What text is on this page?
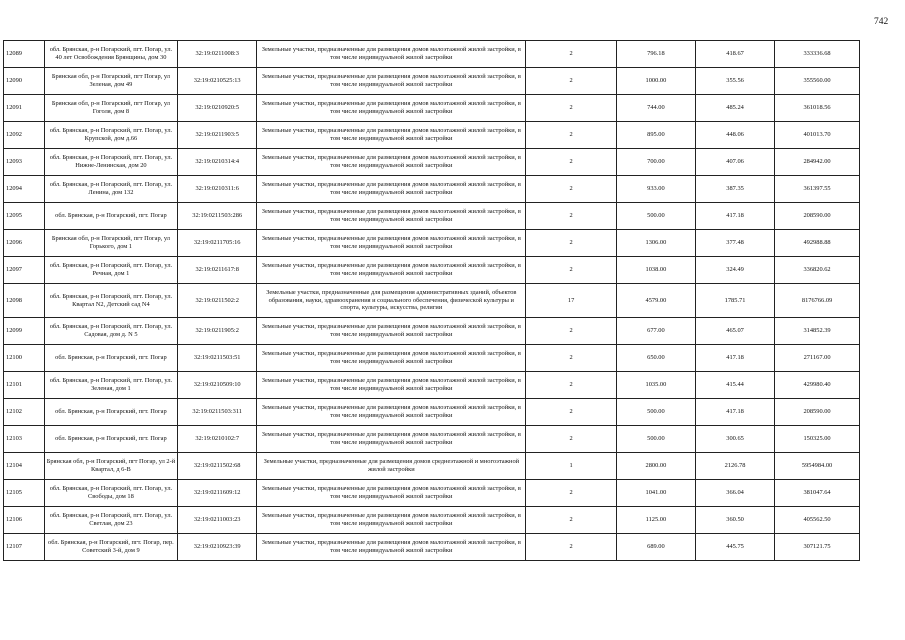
742
12089	обл. Брянская, р-н Погарский, пгт. Погар, ул. 40 лет Освобождения Брянщины, дом 30	32:19:0211008:3	Земельные участки, предназначенные для размещения домов малоэтажной жилой застройки, в том числе индивидуальной жилой застройки	2	796.18	418.67	333336.68
12090	Брянская обл, р-н Погарский, пгт Погар, ул Зеленая, дом 49	32:19:0210525:13	Земельные участки, предназначенные для размещения домов малоэтажной жилой застройки, в том числе индивидуальной жилой застройки	2	1000.00	355.56	355560.00
12091	Брянская обл, р-н Погарский, пгт Погар, ул Гоголя, дом 8	32:19:0210920:5	Земельные участки, предназначенные для размещения домов малоэтажной жилой застройки, в том числе индивидуальной жилой застройки	2	744.00	485.24	361018.56
12092	обл. Брянская, р-н Погарский, пгт. Погар, ул. Крупской, дом д.66	32:19:0211903:5	Земельные участки, предназначенные для размещения домов малоэтажной жилой застройки, в том числе индивидуальной жилой застройки	2	895.00	448.06	401013.70
12093	обл. Брянская, р-н Погарский, пгт. Погар, ул. Нижне-Ленинская, дом 20	32:19:0210314:4	Земельные участки, предназначенные для размещения домов малоэтажной жилой застройки, в том числе индивидуальной жилой застройки	2	700.00	407.06	284942.00
12094	обл. Брянская, р-н Погарский, пгт. Погар, ул. Ленина, дом 132	32:19:0210311:6	Земельные участки, предназначенные для размещения домов малоэтажной жилой застройки, в том числе индивидуальной жилой застройки	2	933.00	387.35	361397.55
12095	обл. Брянская, р-н Погарский, пгт. Погар	32:19:0211503:286	Земельные участки, предназначенные для размещения домов малоэтажной жилой застройки, в том числе индивидуальной жилой застройки	2	500.00	417.18	208590.00
12096	Брянская обл, р-н Погарский, пгт Погар, ул Горького, дом 1	32:19:0211705:16	Земельные участки, предназначенные для размещения домов малоэтажной жилой застройки, в том числе индивидуальной жилой застройки	2	1306.00	377.48	492988.88
12097	обл. Брянская, р-н Погарский, пгт. Погар, ул. Речная, дом 1	32:19:0211617:8	Земельные участки, предназначенные для размещения домов малоэтажной жилой застройки, в том числе индивидуальной жилой застройки	2	1038.00	324.49	336820.62
12098	обл. Брянская, р-н Погарский, пгт. Погар, ул. Квартал N2, Детский сад N4	32:19:0211502:2	Земельные участки, предназначенные для размещения административных зданий, объектов образования, науки, здравоохранения и социального обеспечения, физической культуры и спорта, культуры, искусства, религии	17	4579.00	1785.71	8176766.09
12099	обл. Брянская, р-н Погарский, пгт. Погар, ул. Садовая, дом д. N 5	32:19:0211905:2	Земельные участки, предназначенные для размещения домов малоэтажной жилой застройки, в том числе индивидуальной жилой застройки	2	677.00	465.07	314852.39
12100	обл. Брянская, р-н Погарский, пгт. Погар	32:19:0211503:51	Земельные участки, предназначенные для размещения домов малоэтажной жилой застройки, в том числе индивидуальной жилой застройки	2	650.00	417.18	271167.00
12101	обл. Брянская, р-н Погарский, пгт. Погар, ул. Зеленая, дом 1	32:19:0210509:10	Земельные участки, предназначенные для размещения домов малоэтажной жилой застройки, в том числе индивидуальной жилой застройки	2	1035.00	415.44	429980.40
12102	обл. Брянская, р-н Погарский, пгт. Погар	32:19:0211503:311	Земельные участки, предназначенные для размещения домов малоэтажной жилой застройки, в том числе индивидуальной жилой застройки	2	500.00	417.18	208590.00
12103	обл. Брянская, р-н Погарский, пгт. Погар	32:19:0210102:7	Земельные участки, предназначенные для размещения домов малоэтажной жилой застройки, в том числе индивидуальной жилой застройки	2	500.00	300.65	150325.00
12104	Брянская обл, р-н Погарский, пгт Погар, ул 2-й Квартал, д 6-В	32:19:0211502:68	Земельные участки, предназначенные для размещения домов среднеэтажной и многоэтажной жилой застройки	1	2800.00	2126.78	5954984.00
12105	обл. Брянская, р-н Погарский, пгт. Погар, ул. Свободы, дом 18	32:19:0211609:12	Земельные участки, предназначенные для размещения домов малоэтажной жилой застройки, в том числе индивидуальной жилой застройки	2	1041.00	366.04	381047.64
12106	обл. Брянская, р-н Погарский, пгт. Погар, ул. Светлая, дом 23	32:19:0211003:23	Земельные участки, предназначенные для размещения домов малоэтажной жилой застройки, в том числе индивидуальной жилой застройки	2	1125.00	360.50	405562.50
12107	обл. Брянская, р-н Погарский, пгт. Погар, пер. Советский 3-й, дом 9	32:19:0210923:39	Земельные участки, предназначенные для размещения домов малоэтажной жилой застройки, в том числе индивидуальной жилой застройки	2	689.00	445.75	307121.75
